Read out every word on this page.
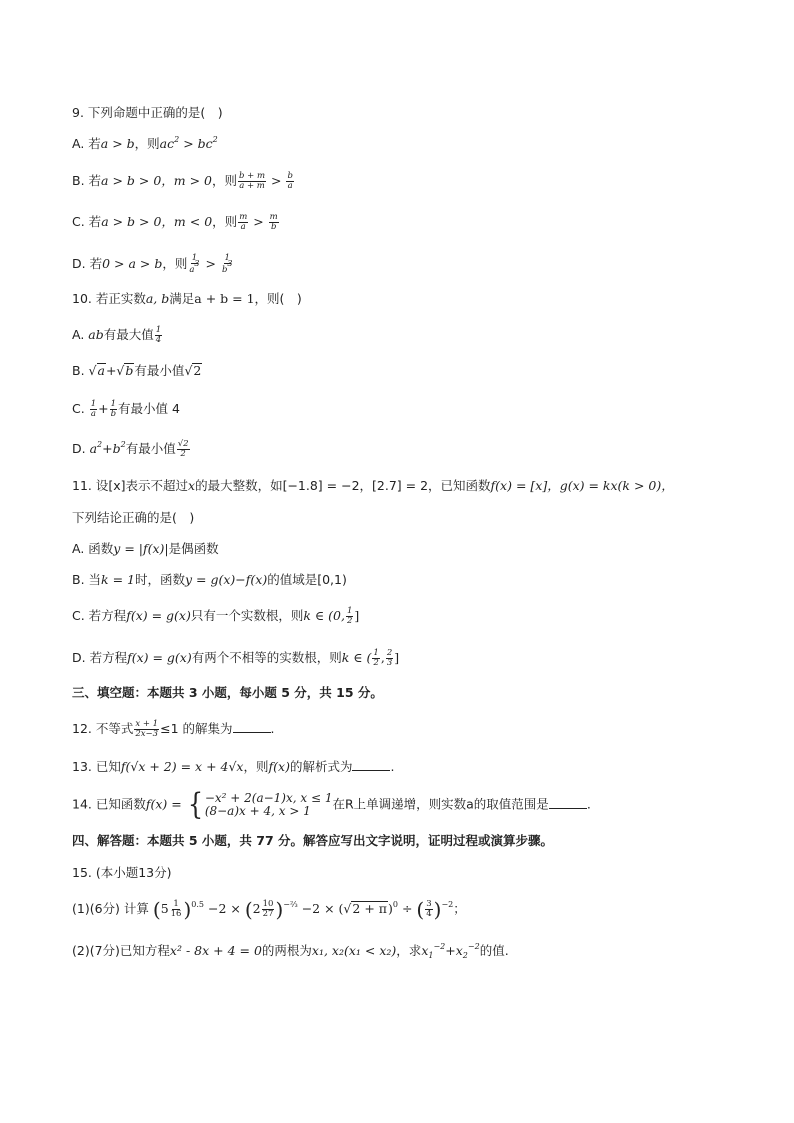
9. 下列命题中正确的是(　)
A. 若a > b，则$ac^2 > bc^2$
B. 若a > b > 0，m > 0，则 $\frac{b + m}{a + m} > \frac{b}{a}$
C. 若a > b > 0，m < 0，则 $\frac{m}{a} > \frac{m}{b}$
D. 若0 > a > b，则 $\frac{1}{a^3} > \frac{1}{b^3}$
10. 若正实数a, b满足a + b = 1，则(　)
A. ab有最大值 $\frac{1}{4}$
B. √a+√b有最小值√2
C. $\frac{1}{a} + \frac{1}{b}$ 有最小值 4
D. $a^2+b^2$有最小值 $\frac{√2}{2}$
11. 设[x]表示不超过x的最大整数，如[−1.8] = −2，[2.7] = 2，已知函数f(x) = [x]，g(x) = kx(k > 0)，
下列结论正确的是(　)
A. 函数y = |f(x)|是偶函数
B. 当k = 1时，函数y = g(x)−f(x)的值域是[0,1)
C. 若方程f(x) = g(x)只有一个实数根，则k ∈ (0, $\frac{1}{2}$ ]
D. 若方程f(x) = g(x)有两个不相等的实数根，则k ∈ ( $\frac{1}{2}$ , $\frac{2}{3}$ ]
三、填空题：本题共 3 小题，每小题 5 分，共 15 分。
12. 不等式 $\frac{x + 1}{2x-3} \le 1$ 的解集为	.
13. 已知f(√x + 2) = x + 4√x，则f(x)的解析式为	.
14. 已知函数f(x) = { −x² + 2(a−1)x, x ≤ 1
(8−a)x + 4, x > 1	在R上单调递增，则实数a的取值范围是	.
四、解答题：本题共 5 小题，共 77 分。解答应写出文字说明，证明过程或演算步骤。
15. (本小题13分)
(1)(6分) 计算 $(5 \frac{1}{16} )^{0.5} -2 \times (2 \frac{10}{27} )^{-\frac{2}{3}} -2 \times (√2 + \pi)^0$ ÷ ( $\frac{3}{4} )^{-2}$；
(2)(7分)已知方程x² - 8x + 4 = 0的两根为x₁, x₂(x₁ < x₂)，求$x_1^{-2}+x_2^{-2}$的值.
